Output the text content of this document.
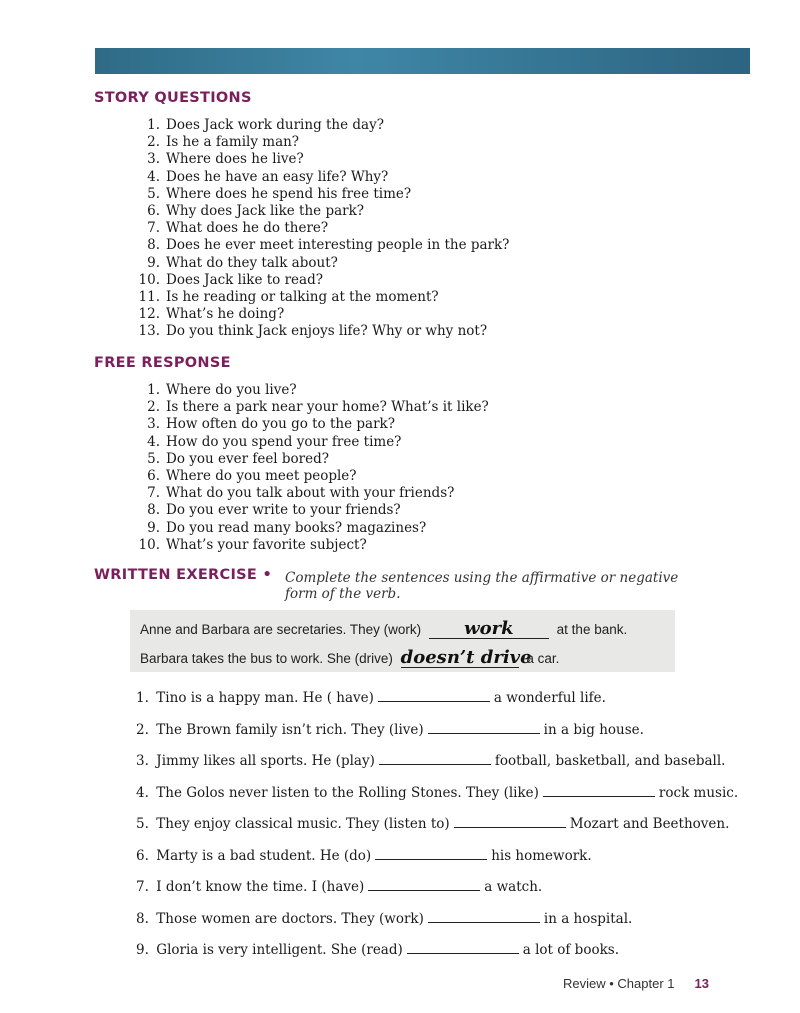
STORY QUESTIONS
1. Does Jack work during the day?
2. Is he a family man?
3. Where does he live?
4. Does he have an easy life? Why?
5. Where does he spend his free time?
6. Why does Jack like the park?
7. What does he do there?
8. Does he ever meet interesting people in the park?
9. What do they talk about?
10. Does Jack like to read?
11. Is he reading or talking at the moment?
12. What’s he doing?
13. Do you think Jack enjoys life? Why or why not?
FREE RESPONSE
1. Where do you live?
2. Is there a park near your home? What’s it like?
3. How often do you go to the park?
4. How do you spend your free time?
5. Do you ever feel bored?
6. Where do you meet people?
7. What do you talk about with your friends?
8. Do you ever write to your friends?
9. Do you read many books? magazines?
10. What’s your favorite subject?
WRITTEN EXERCISE • Complete the sentences using the affirmative or negative form of the verb.
Anne and Barbara are secretaries. They (work) work	at the bank.
Barbara takes the bus to work. She (drive) doesn’t drive a car.
1. Tino is a happy man. He ( have)	a wonderful life.
2. The Brown family isn’t rich. They (live)	in a big house.
3. Jimmy likes all sports. He (play)	football, basketball, and baseball.
4. The Golos never listen to the Rolling Stones. They (like)	rock music.
5. They enjoy classical music. They (listen to)	Mozart and Beethoven.
6. Marty is a bad student. He (do)	his homework.
7. I don’t know the time. I (have)	a watch.
8. Those women are doctors. They (work)	in a hospital.
9. Gloria is very intelligent. She (read)	a lot of books.
Review • Chapter 1 13
